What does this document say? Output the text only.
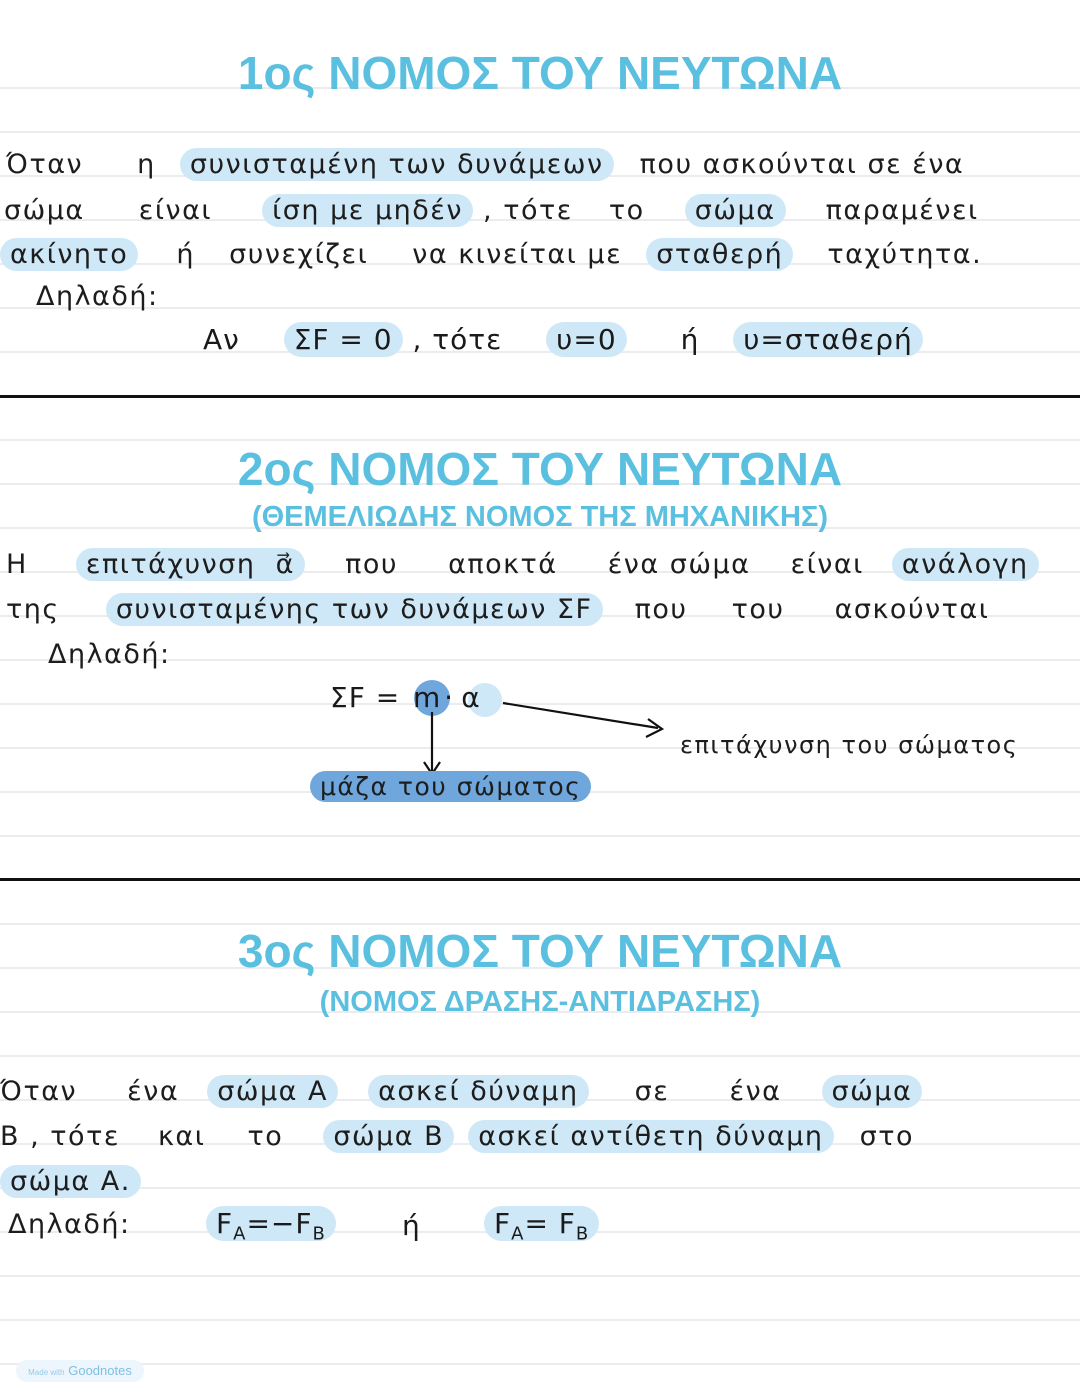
1ος ΝΟΜΟΣ ΤΟΥ ΝΕΥΤΩΝΑ
Όταν η συνισταμένη των δυνάμεων που ασκούνται σε ένα
σώμα είναι ίση με μηδέν , τότε το σώμα παραμένει
ακίνητο ή συνεχίζει να κινείται με σταθερή ταχύτητα.
Δηλαδή:
Αν ΣF = 0 , τότε υ=0 ή υ=σταθερή
2ος ΝΟΜΟΣ ΤΟΥ ΝΕΥΤΩΝΑ
(ΘΕΜΕΛΙΩΔΗΣ ΝΟΜΟΣ ΤΗΣ ΜΗΧΑΝΙΚΗΣ)
Η επιτάχυνση α⃗ που αποκτά ένα σώμα είναι ανάλογη
της συνισταμένης των δυνάμεων ΣF που του ασκούνται
Δηλαδή:
ΣF = m · α
επιτάχυνση του σώματος
μάζα του σώματος
3ος ΝΟΜΟΣ ΤΟΥ ΝΕΥΤΩΝΑ
(ΝΟΜΟΣ ΔΡΑΣΗΣ-ΑΝΤΙΔΡΑΣΗΣ)
Όταν ένα σώμα Α ασκεί δύναμη σε ένα σώμα
Β , τότε και το σώμα Β ασκεί αντίθετη δύναμη στο
σώμα Α.
Δηλαδή:	$F_A=-F_B$	ή	$F_A= F_B$
Made with Goodnotes
